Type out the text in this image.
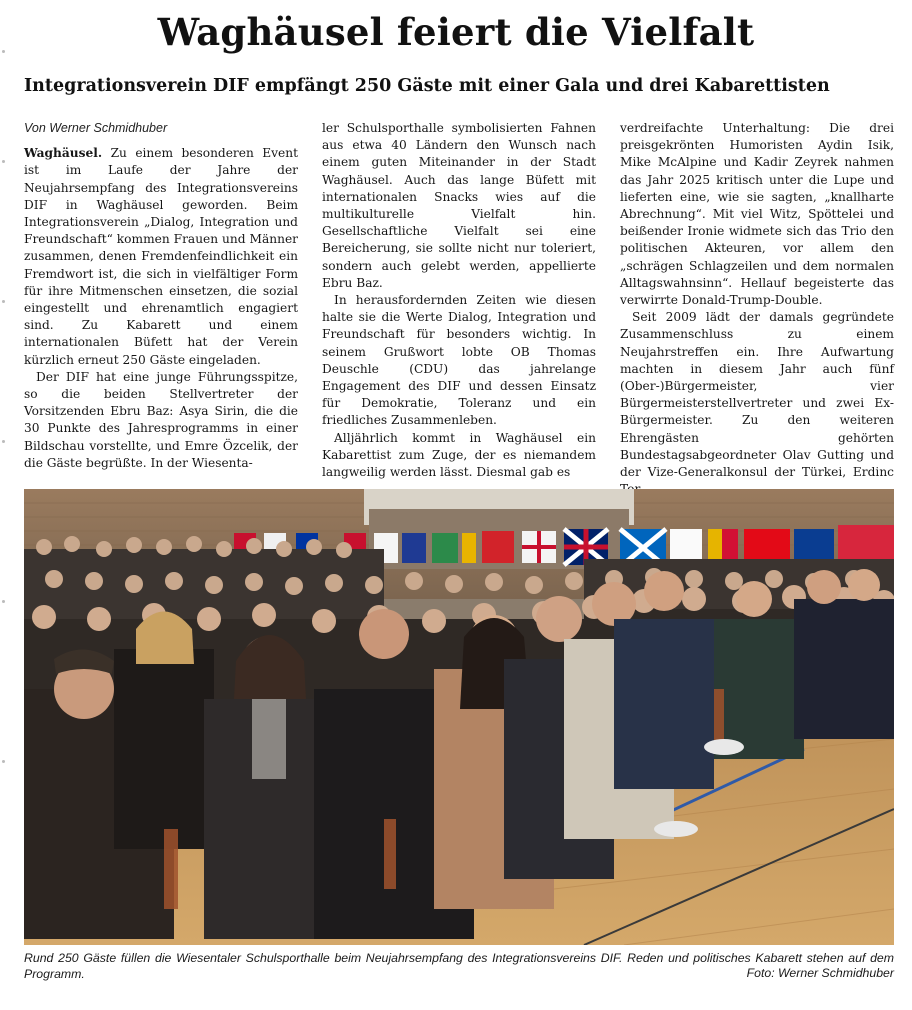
Waghäusel feiert die Vielfalt
Integrationsverein DIF empfängt 250 Gäste mit einer Gala und drei Kabarettisten
Von Werner Schmidhuber

Waghäusel. Zu einem besonderen Event ist im Laufe der Jahre der Neujahrsempfang des Integrationsvereins DIF in Waghäusel geworden. Beim Integrationsverein „Dialog, Integration und Freundschaft“ kommen Frauen und Männer zusammen, denen Fremdenfeindlichkeit ein Fremdwort ist, die sich in vielfältiger Form für ihre Mitmenschen einsetzen, die sozial eingestellt und ehrenamtlich engagiert sind. Zu Kabarett und einem internationalen Büfett hat der Verein kürzlich erneut 250 Gäste eingeladen.

Der DIF hat eine junge Führungsspitze, so die beiden Stellvertreter der Vorsitzenden Ebru Baz: Asya Sirin, die die 30 Punkte des Jahresprogramms in einer Bildschau vorstellte, und Emre Özcelik, der die Gäste begrüßte. In der Wiesenta-

ler Schulsporthalle symbolisierten Fahnen aus etwa 40 Ländern den Wunsch nach einem guten Miteinander in der Stadt Waghäusel. Auch das lange Büfett mit internationalen Snacks wies auf die multikulturelle Vielfalt hin. Gesellschaftliche Vielfalt sei eine Bereicherung, sie sollte nicht nur toleriert, sondern auch gelebt werden, appellierte Ebru Baz.

In herausfordernden Zeiten wie diesen halte sie die Werte Dialog, Integration und Freundschaft für besonders wichtig. In seinem Grußwort lobte OB Thomas Deuschle (CDU) das jahrelange Engagement des DIF und dessen Einsatz für Demokratie, Toleranz und ein friedliches Zusammenleben.

Alljährlich kommt in Waghäusel ein Kabarettist zum Zuge, der es niemandem langweilig werden lässt. Diesmal gab es

verdreifachte Unterhaltung: Die drei preisgekrönten Humoristen Aydin Isik, Mike McAlpine und Kadir Zeyrek nahmen das Jahr 2025 kritisch unter die Lupe und lieferten eine, wie sie sagten, „knallharte Abrechnung“. Mit viel Witz, Spöttelei und beißender Ironie widmete sich das Trio den politischen Akteuren, vor allem den „schrägen Schlagzeilen und dem normalen Alltagswahnsinn“. Hellauf begeisterte das verwirrte Donald-Trump-Double.

Seit 2009 lädt der damals gegründete Zusammenschluss zu einem Neujahrstreffen ein. Ihre Aufwartung machten in diesem Jahr auch fünf (Ober-)Bürgermeister, vier Bürgermeisterstellvertreter und zwei Ex-Bürgermeister. Zu den weiteren Ehrengästen gehörten Bundestagsabgeordneter Olav Gutting und der Vize-Generalkonsul der Türkei, Erdinc

Rund 250 Gäste füllen die Wiesentaler Schulsporthalle beim Neujahrsempfang des Integrationsvereins DIF. Reden und politisches Kabarett stehen auf dem Programm.	Foto: Werner Schmidhuber
